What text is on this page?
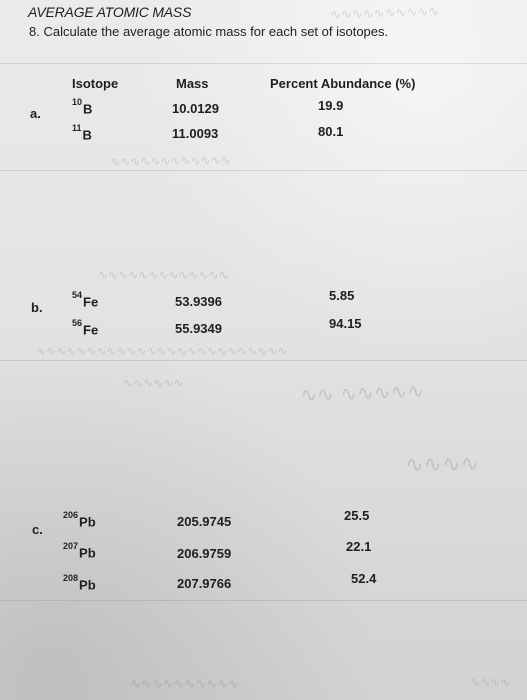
∿∿∿∿∿∿∿∿∿∿
∿∿∿∿∿∿∿∿∿∿∿∿
∿∿∿∿∿∿∿∿∿∿∿∿∿
∿∿∿∿∿∿∿∿∿∿∿∿∿∿∿∿∿∿∿∿∿∿∿∿∿
∿∿∿∿∿∿	∿∿ ∿∿∿∿∿
∿∿∿∿
∿∿∿∿∿∿∿∿∿∿	∿∿∿∿
AVERAGE ATOMIC MASS
8. Calculate the average atomic mass for each set of isotopes.
Isotope	Mass	Percent Abundance (%)
a.
$^{10}$B	10.0129	19.9
$^{11}$B	11.0093	80.1
b.
$^{54}$Fe	53.9396	5.85
$^{56}$Fe	55.9349	94.15
c.
$^{206}$Pb	205.9745	25.5
$^{207}$Pb	206.9759	22.1
$^{208}$Pb	207.9766	52.4
